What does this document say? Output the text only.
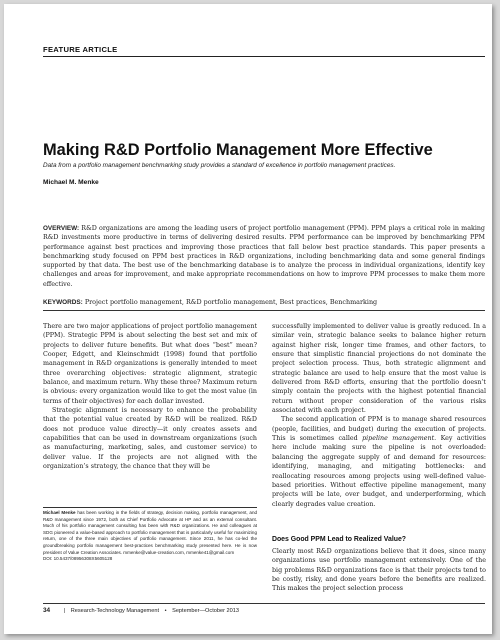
FEATURE ARTICLE
Making R&D Portfolio Management More Effective
Data from a portfolio management benchmarking study provides a standard of excellence in portfolio management practices.
Michael M. Menke
OVERVIEW: R&D organizations are among the leading users of project portfolio management (PPM). PPM plays a critical role in making R&D investments more productive in terms of delivering desired results. PPM performance can be improved by benchmarking PPM performance against best practices and improving those practices that fall below best practice standards. This paper presents a benchmarking study focused on PPM best practices in R&D organizations, including benchmarking data and some general findings supported by that data. The best use of the benchmarking database is to analyze the process in individual organizations, identify key challenges and areas for improvement, and make appropriate recommendations on how to improve PPM processes to make them more effective.
KEYWORDS: Project portfolio management, R&D portfolio management, Best practices, Benchmarking

There are two major applications of project portfolio management (PPM). Strategic PPM is about selecting the best set and mix of projects to deliver future benefits. But what does “best” mean? Cooper, Edgett, and Kleinschmidt (1998) found that portfolio management in R&D organizations is generally intended to meet three overarching objectives: strategic alignment, strategic balance, and maximum return. Why these three? Maximum return is obvious: every organization would like to get the most value (in terms of their objectives) for each dollar invested.

Strategic alignment is necessary to enhance the probability that the potential value created by R&D will be realized. R&D does not produce value directly—it only creates assets and capabilities that can be used in downstream organizations (such as manufacturing, marketing, sales, and customer service) to deliver value. If the projects are not aligned with the organization’s strategy, the chance that they will be

Michael Menke has been working in the fields of strategy, decision making, portfolio management, and R&D management since 1972, both as Chief Portfolio Advocate at HP and as an external consultant. Much of his portfolio management consulting has been with R&D organizations. He and colleagues at SDG pioneered a value-based approach to portfolio management that is particularly useful for maximizing return, one of the three main objectives of portfolio management. Since 2011, he has co-led the groundbreaking portfolio management best-practices benchmarking study presented here. He is now president of Value Creation Associates. mmenke@value-creation.com, mmenke41@gmail.com
DOI: 10.5437/08956308X5605128

successfully implemented to deliver value is greatly reduced. In a similar vein, strategic balance seeks to balance higher return against higher risk, longer time frames, and other factors, to ensure that simplistic financial projections do not dominate the project selection process. Thus, both strategic alignment and strategic balance are used to help ensure that the most value is delivered from R&D efforts, ensuring that the portfolio doesn’t simply contain the projects with the highest potential financial return without proper consideration of the various risks associated with each project.

The second application of PPM is to manage shared resources (people, facilities, and budget) during the execution of projects. This is sometimes called pipeline management. Key activities here include making sure the pipeline is not overloaded: balancing the aggregate supply of and demand for resources: identifying, managing, and mitigating bottlenecks: and reallocating resources among projects using well-defined value-based priorities. Without effective pipeline management, many projects will be late, over budget, and underperforming, which clearly degrades value creation.

Does Good PPM Lead to Realized Value?

Clearly most R&D organizations believe that it does, since many organizations use portfolio management extensively. One of the big problems R&D organizations face is that their projects tend to be costly, risky, and done years before the benefits are realized. This makes the project selection process

34 | Research-Technology Management • September—October 2013
